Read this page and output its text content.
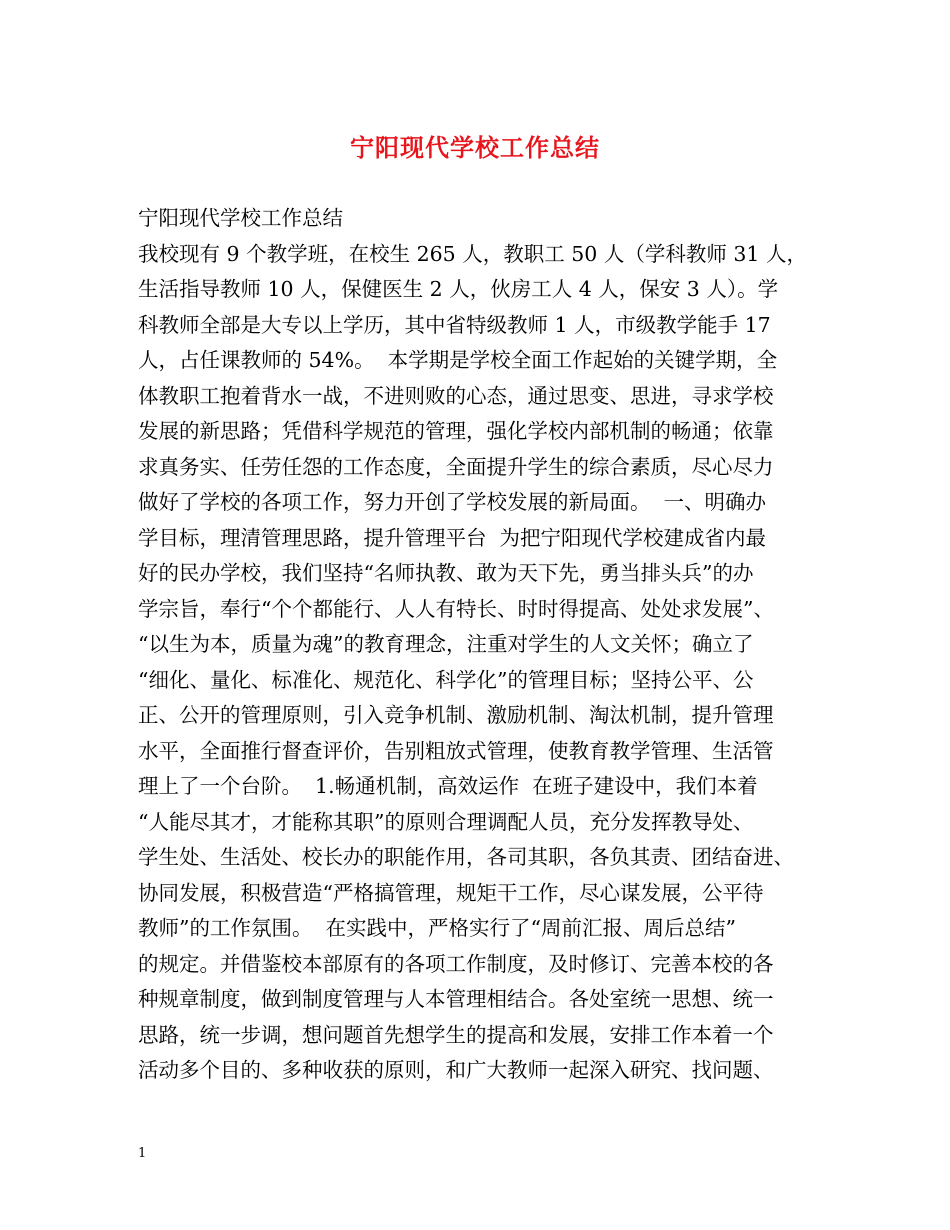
宁阳现代学校工作总结
宁阳现代学校工作总结
我校现有 9 个教学班，在校生 265 人，教职工 50 人（学科教师 31 人，
生活指导教师 10 人，保健医生 2 人，伙房工人 4 人，保安 3 人）。学
科教师全部是大专以上学历，其中省特级教师 1 人，市级教学能手 17
人，占任课教师的 54%。  本学期是学校全面工作起始的关键学期，全
体教职工抱着背水一战，不进则败的心态，通过思变、思进，寻求学校
发展的新思路；凭借科学规范的管理，强化学校内部机制的畅通；依靠
求真务实、任劳任怨的工作态度，全面提升学生的综合素质，尽心尽力
做好了学校的各项工作，努力开创了学校发展的新局面。  一、明确办
学目标，理清管理思路，提升管理平台  为把宁阳现代学校建成省内最
好的民办学校，我们坚持“名师执教、敢为天下先，勇当排头兵”的办
学宗旨，奉行“个个都能行、人人有特长、时时得提高、处处求发展”、
“以生为本，质量为魂”的教育理念，注重对学生的人文关怀；确立了
“细化、量化、标准化、规范化、科学化”的管理目标；坚持公平、公
正、公开的管理原则，引入竞争机制、激励机制、淘汰机制，提升管理
水平，全面推行督查评价，告别粗放式管理，使教育教学管理、生活管
理上了一个台阶。  1.畅通机制，高效运作  在班子建设中，我们本着
“人能尽其才，才能称其职”的原则合理调配人员，充分发挥教导处、
学生处、生活处、校长办的职能作用，各司其职，各负其责、团结奋进、
协同发展，积极营造“严格搞管理，规矩干工作，尽心谋发展，公平待
教师”的工作氛围。  在实践中，严格实行了“周前汇报、周后总结”
的规定。并借鉴校本部原有的各项工作制度，及时修订、完善本校的各
种规章制度，做到制度管理与人本管理相结合。各处室统一思想、统一
思路，统一步调，想问题首先想学生的提高和发展，安排工作本着一个
活动多个目的、多种收获的原则，和广大教师一起深入研究、找问题、
1
